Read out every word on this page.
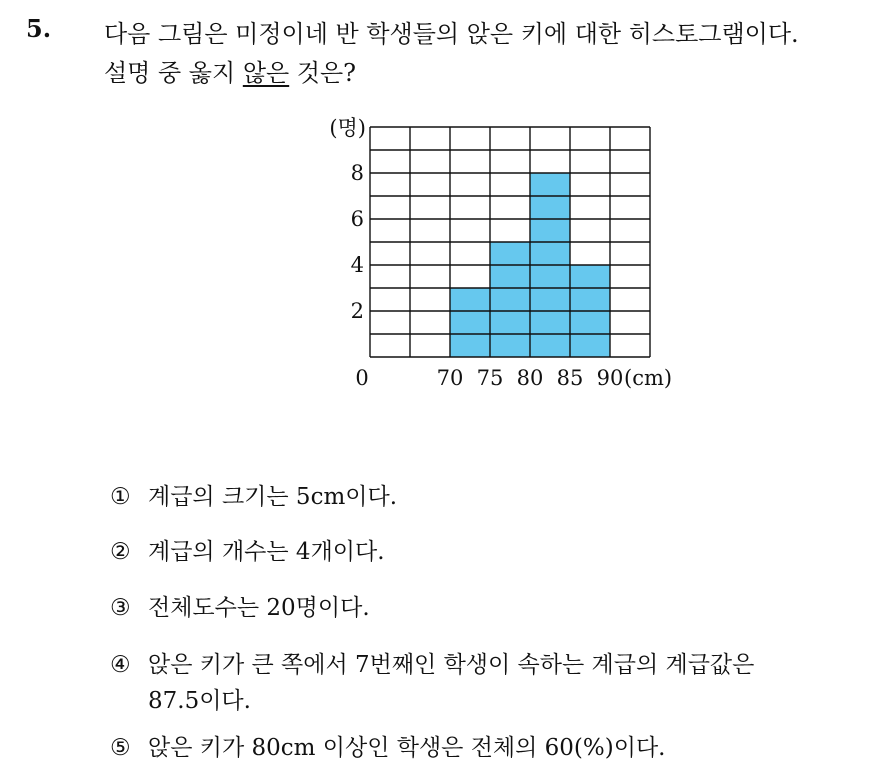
5. 다음 그림은 미정이네 반 학생들의 앉은 키에 대한 히스토그램이다.
설명 중 옳지 않은 것은?
2
4
6
8
(명)
0	70 75 80 85 90 (cm)
① 계급의 크기는 5cm이다.
② 계급의 개수는 4개이다.
③ 전체도수는 20명이다.
④ 앉은 키가 큰 쪽에서 7번째인 학생이 속하는 계급의 계급값은
87.5이다.
⑤ 앉은 키가 80cm 이상인 학생은 전체의 60(%)이다.
